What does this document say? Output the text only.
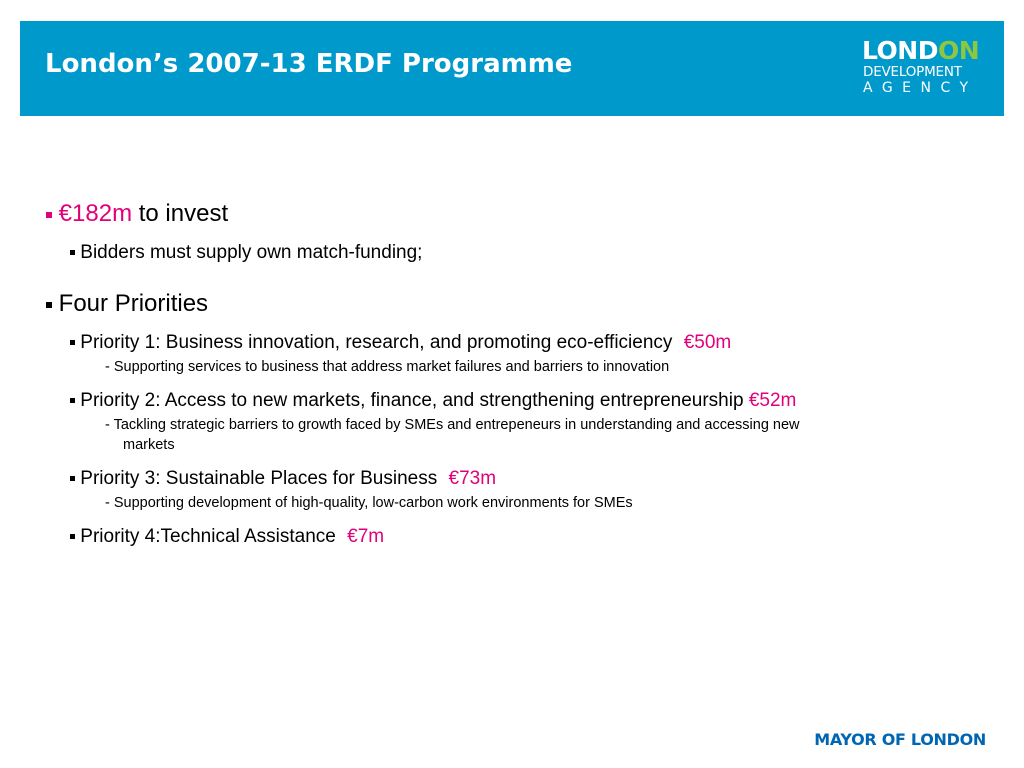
London’s 2007-13 ERDF Programme	LONDON
DEVELOPMENT
AGENCY
€182m to invest
Bidders must supply own match-funding;
Four Priorities
Priority 1: Business innovation, research, and promoting eco-efficiency €50m
- Supporting services to business that address market failures and barriers to innovation
Priority 2: Access to new markets, finance, and strengthening entrepreneurship €52m
- Tackling strategic barriers to growth faced by SMEs and entrepeneurs in understanding and accessing new
markets
Priority 3: Sustainable Places for Business €73m
- Supporting development of high-quality, low-carbon work environments for SMEs
Priority 4:Technical Assistance €7m
MAYOR OF LONDON
